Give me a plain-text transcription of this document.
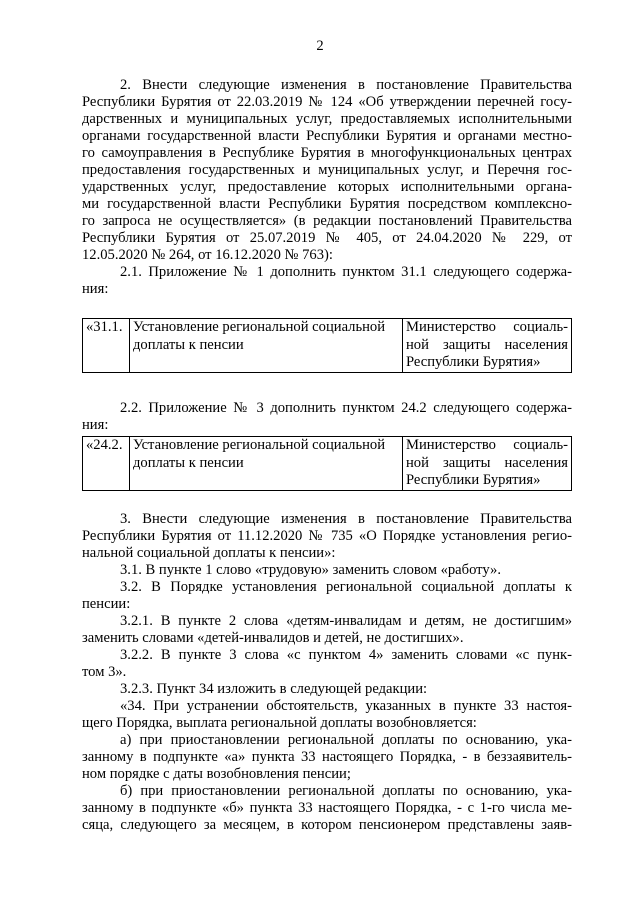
2
2. Внести следующие изменения в постановление Правительства
Республики Бурятия от 22.03.2019 № 124 «Об утверждении перечней госу-
дарственных и муниципальных услуг, предоставляемых исполнительными
органами государственной власти Республики Бурятия и органами местно-
го самоуправления в Республике Бурятия в многофункциональных центрах
предоставления государственных и муниципальных услуг, и Перечня гос-
ударственных услуг, предоставление которых исполнительными органа-
ми государственной власти Республики Бурятия посредством комплексно-
го запроса не осуществляется» (в редакции постановлений Правительства
Республики Бурятия от 25.07.2019 № 405, от 24.04.2020 № 229, от
12.05.2020 № 264, от 16.12.2020 № 763):
2.1. Приложение № 1 дополнить пунктом 31.1 следующего содержа-
ния:
«31.1.	Установление региональной социальной
доплаты к пенсии

Министерство социаль-
ной защиты населения
Республики Бурятия»
2.2. Приложение № 3 дополнить пунктом 24.2 следующего содержа-
ния:
«24.2.	Установление региональной социальной
доплаты к пенсии

Министерство социаль-
ной защиты населения
Республики Бурятия»
3. Внести следующие изменения в постановление Правительства
Республики Бурятия от 11.12.2020 № 735 «О Порядке установления регио-
нальной социальной доплаты к пенсии»:
3.1. В пункте 1 слово «трудовую» заменить словом «работу».
3.2. В Порядке установления региональной социальной доплаты к
пенсии:
3.2.1. В пункте 2 слова «детям-инвалидам и детям, не достигшим»
заменить словами «детей-инвалидов и детей, не достигших».
3.2.2. В пункте 3 слова «с пунктом 4» заменить словами «с пунк-
том 3».
3.2.3. Пункт 34 изложить в следующей редакции:
«34. При устранении обстоятельств, указанных в пункте 33 настоя-
щего Порядка, выплата региональной доплаты возобновляется:
а) при приостановлении региональной доплаты по основанию, ука-
занному в подпункте «а» пункта 33 настоящего Порядка, - в беззаявитель-
ном порядке с даты возобновления пенсии;
б) при приостановлении региональной доплаты по основанию, ука-
занному в подпункте «б» пункта 33 настоящего Порядка, - с 1-го числа ме-
сяца, следующего за месяцем, в котором пенсионером представлены заяв-
